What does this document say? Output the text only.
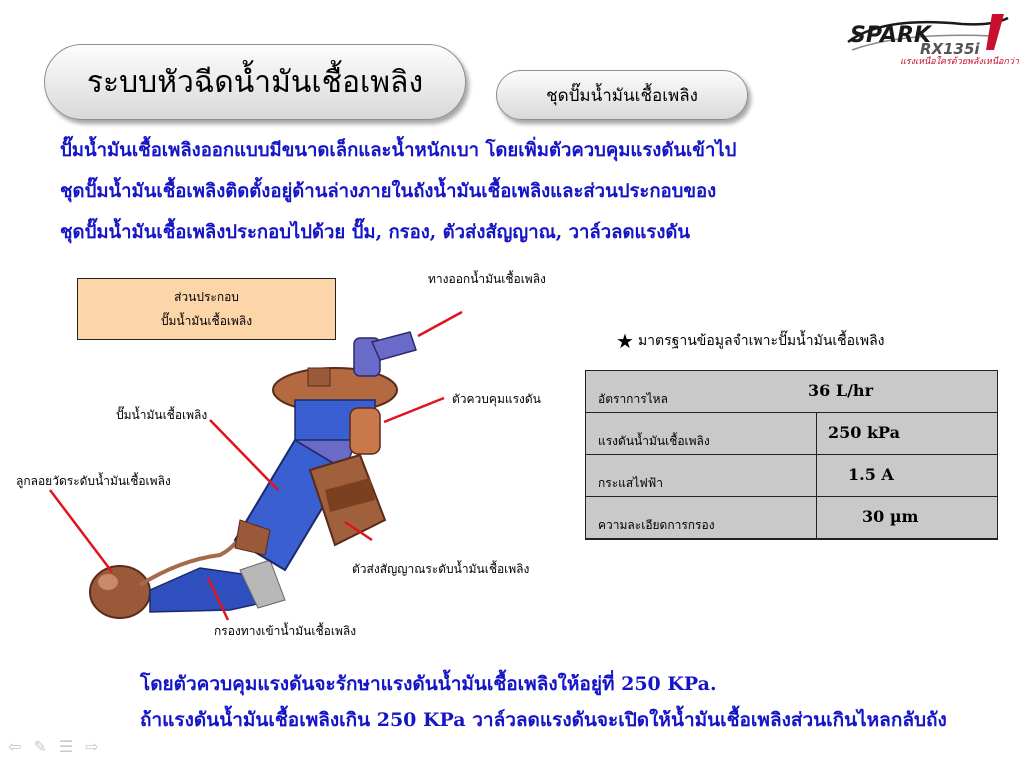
ระบบหัวฉีดน้ำมันเชื้อเพลิง	ชุดปั๊มน้ำมันเชื้อเพลิง
SPARK
RX135i
แรงเหนือใครด้วยพลังเหนือกว่า
ปั๊มน้ำมันเชื้อเพลิงออกแบบมีขนาดเล็กและน้ำหนักเบา โดยเพิ่มตัวควบคุมแรงดันเข้าไป
ชุดปั๊มน้ำมันเชื้อเพลิงติดตั้งอยู่ด้านล่างภายในถังน้ำมันเชื้อเพลิงและส่วนประกอบของ
ชุดปั๊มน้ำมันเชื้อเพลิงประกอบไปด้วย ปั๊ม, กรอง, ตัวส่งสัญญาณ, วาล์วลดแรงดัน
ส่วนประกอบ
ปั๊มน้ำมันเชื้อเพลิง
ทางออกน้ำมันเชื้อเพลิง
ตัวควบคุมแรงดัน
ปั๊มน้ำมันเชื้อเพลิง
ลูกลอยวัดระดับน้ำมันเชื้อเพลิง
ตัวส่งสัญญาณระดับน้ำมันเชื้อเพลิง
กรองทางเข้าน้ำมันเชื้อเพลิง
★ มาตรฐานข้อมูลจำเพาะปั๊มน้ำมันเชื้อเพลิง
อัตราการไหล	36 L/hr
แรงดันน้ำมันเชื้อเพลิง	250 kPa
กระแสไฟฟ้า	1.5 A
ความละเอียดการกรอง	30 µm
โดยตัวควบคุมแรงดันจะรักษาแรงดันน้ำมันเชื้อเพลิงให้อยู่ที่ 250 KPa.
ถ้าแรงดันน้ำมันเชื้อเพลิงเกิน 250 KPa วาล์วลดแรงดันจะเปิดให้น้ำมันเชื้อเพลิงส่วนเกินไหลกลับถัง
⇦ ✎ ☰ ⇨
